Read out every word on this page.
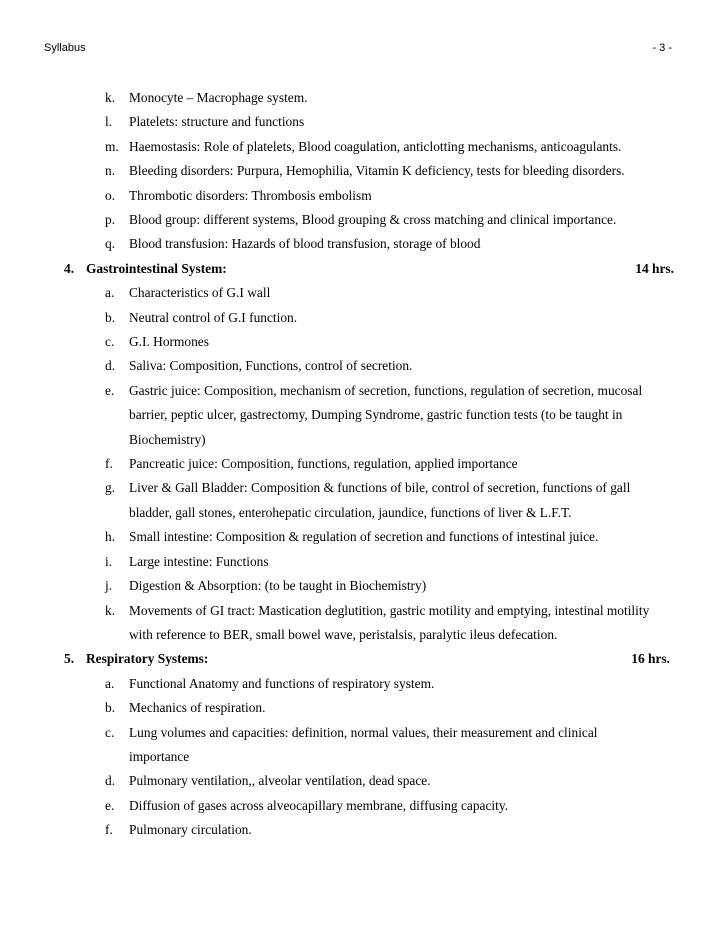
Syllabus	- 3 -
k.	Monocyte – Macrophage system.
l.	Platelets: structure and functions
m. Haemostasis: Role of platelets, Blood coagulation, anticlotting mechanisms, anticoagulants.
n.	Bleeding disorders: Purpura, Hemophilia, Vitamin K deficiency, tests for bleeding disorders.
o.	Thrombotic disorders: Thrombosis embolism
p.	Blood group: different systems, Blood grouping & cross matching and clinical importance.
q.	Blood transfusion: Hazards of blood transfusion, storage of blood
4. Gastrointestinal System:	14 hrs.
a.	Characteristics of G.I wall
b.	Neutral control of G.I function.
c.	G.I. Hormones
d.	Saliva: Composition, Functions, control of secretion.
e.	Gastric juice: Composition, mechanism of secretion, functions, regulation of secretion, mucosal
barrier, peptic ulcer, gastrectomy, Dumping Syndrome, gastric function tests (to be taught in
Biochemistry)
f.	Pancreatic juice: Composition, functions, regulation, applied importance
g.	Liver & Gall Bladder: Composition & functions of bile, control of secretion, functions of gall
bladder, gall stones, enterohepatic circulation, jaundice, functions of liver & L.F.T.
h.	Small intestine: Composition & regulation of secretion and functions of intestinal juice.
i.	Large intestine: Functions
j.	Digestion & Absorption: (to be taught in Biochemistry)
k.	Movements of GI tract: Mastication deglutition, gastric motility and emptying, intestinal motility
with reference to BER, small bowel wave, peristalsis, paralytic ileus defecation.
5. Respiratory Systems:	16 hrs.
a.	Functional Anatomy and functions of respiratory system.
b.	Mechanics of respiration.
c.	Lung volumes and capacities: definition, normal values, their measurement and clinical
importance
d.	Pulmonary ventilation,, alveolar ventilation, dead space.
e.	Diffusion of gases across alveocapillary membrane, diffusing capacity.
f.	Pulmonary circulation.
